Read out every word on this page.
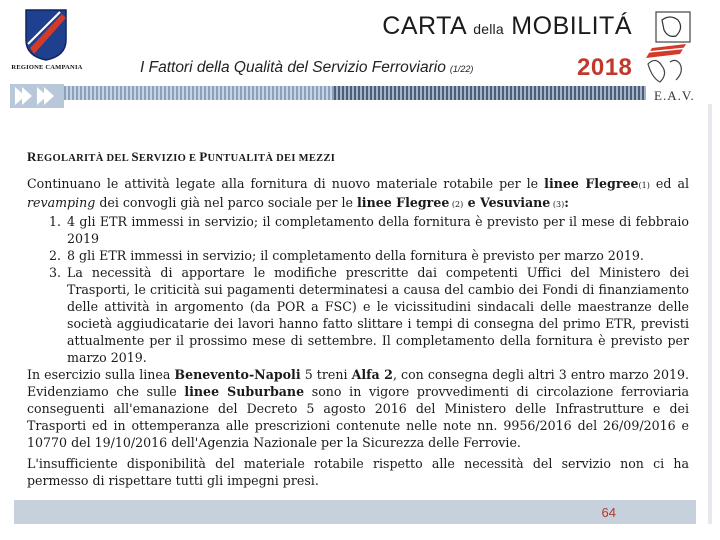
REGIONE CAMPANIA
CARTA della MOBILITÁ
I Fattori della Qualità del Servizio Ferroviario (1/22)	2018
E.A.V.
REGOLARITÀ DEL SERVIZIO E PUNTUALITÀ DEI MEZZI

Continuano le attività legate alla fornitura di nuovo materiale rotabile per le linee Flegree(1) ed al revamping dei convogli già nel parco sociale per le linee Flegree (2) e Vesuviane (3):

1. 4 gli ETR immessi in servizio; il completamento della fornitura è previsto per il mese di febbraio 2019
2. 8 gli ETR immessi in servizio; il completamento della fornitura è previsto per marzo 2019.
3. La necessità di apportare le modifiche prescritte dai competenti Uffici del Ministero dei Trasporti, le criticità sui pagamenti determinatesi a causa del cambio dei Fondi di finanziamento delle attività in argomento (da POR a FSC) e le vicissitudini sindacali delle maestranze delle società aggiudicatarie dei lavori hanno fatto slittare i tempi di consegna del primo ETR, previsti attualmente per il prossimo mese di settembre. Il completamento della fornitura è previsto per marzo 2019.

In esercizio sulla linea Benevento-Napoli 5 treni Alfa 2, con consegna degli altri 3 entro marzo 2019. Evidenziamo che sulle linee Suburbane sono in vigore provvedimenti di circolazione ferroviaria conseguenti all'emanazione del Decreto 5 agosto 2016 del Ministero delle Infrastrutture e dei Trasporti ed in ottemperanza alle prescrizioni contenute nelle note nn. 9956/2016 del 26/09/2016 e 10770 del 19/10/2016 dell'Agenzia Nazionale per la Sicurezza delle Ferrovie.

L'insufficiente disponibilità del materiale rotabile rispetto alle necessità del servizio non ci ha permesso di rispettare tutti gli impegni presi.

64
